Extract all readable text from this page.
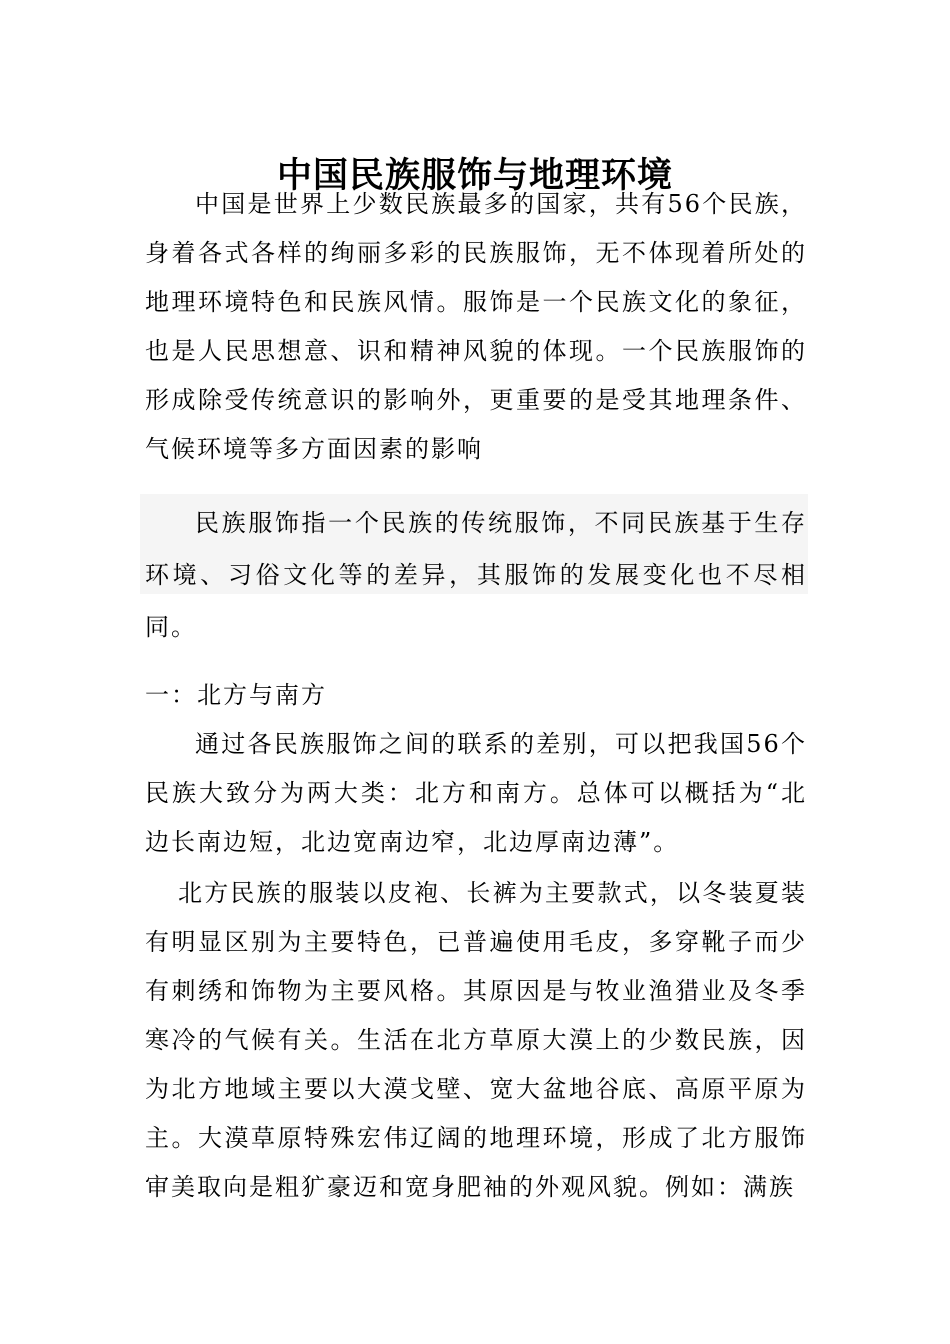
中国民族服饰与地理环境

中国是世界上少数民族最多的国家，共有56个民族，身着各式各样的绚丽多彩的民族服饰，无不体现着所处的地理环境特色和民族风情。服饰是一个民族文化的象征，也是人民思想意、识和精神风貌的体现。一个民族服饰的形成除受传统意识的影响外，更重要的是受其地理条件、气候环境等多方面因素的影响

民族服饰指一个民族的传统服饰，不同民族基于生存环境、习俗文化等的差异，其服饰的发展变化也不尽相同。

一：北方与南方

通过各民族服饰之间的联系的差别，可以把我国56个民族大致分为两大类：北方和南方。总体可以概括为“北边长南边短，北边宽南边窄，北边厚南边薄”。

北方民族的服装以皮袍、长裤为主要款式，以冬装夏装有明显区别为主要特色，已普遍使用毛皮，多穿靴子而少有刺绣和饰物为主要风格。其原因是与牧业渔猎业及冬季寒冷的气候有关。生活在北方草原大漠上的少数民族，因为北方地域主要以大漠戈壁、宽大盆地谷底、高原平原为主。大漠草原特殊宏伟辽阔的地理环境，形成了北方服饰审美取向是粗犷豪迈和宽身肥袖的外观风貌。例如：满族
